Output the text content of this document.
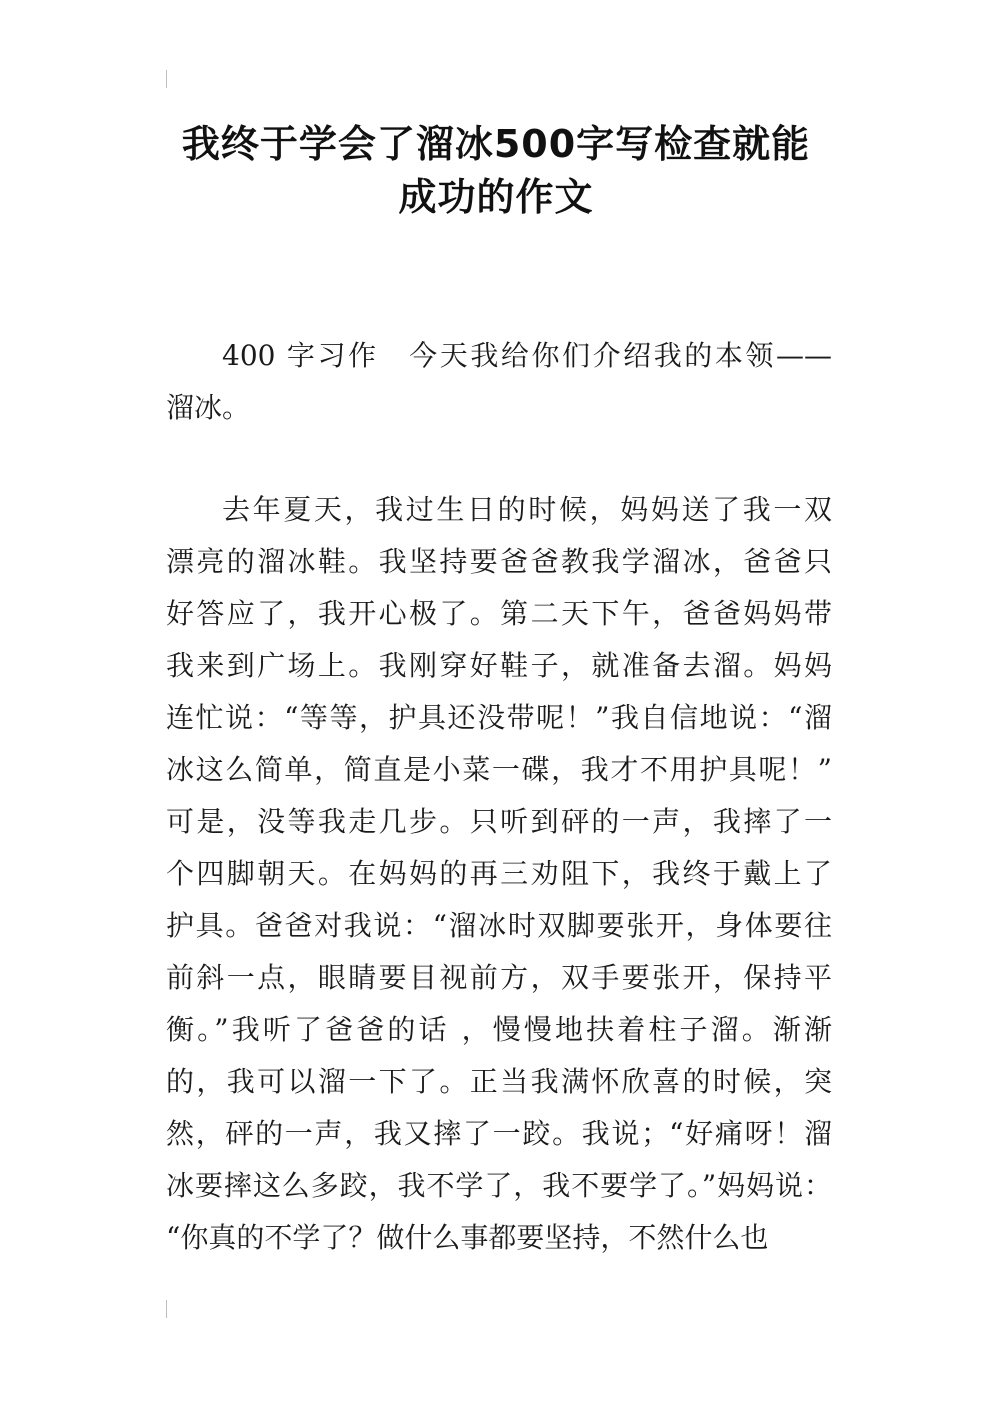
我终于学会了溜冰500字写检查就能
成功的作文
400 字习作　今天我给你们介绍我的本领——
溜冰。
去年夏天，我过生日的时候，妈妈送了我一双
漂亮的溜冰鞋。我坚持要爸爸教我学溜冰，爸爸只
好答应了，我开心极了。第二天下午，爸爸妈妈带
我来到广场上。我刚穿好鞋子，就准备去溜。妈妈
连忙说：“等等，护具还没带呢！”我自信地说：“溜
冰这么简单，简直是小菜一碟，我才不用护具呢！”
可是，没等我走几步。只听到砰的一声，我摔了一
个四脚朝天。在妈妈的再三劝阻下，我终于戴上了
护具。爸爸对我说：“溜冰时双脚要张开，身体要往
前斜一点，眼睛要目视前方，双手要张开，保持平
衡。”我听了爸爸的话 ，慢慢地扶着柱子溜。渐渐
的，我可以溜一下了。正当我满怀欣喜的时候，突
然，砰的一声，我又摔了一跤。我说；“好痛呀！溜
冰要摔这么多跤，我不学了，我不要学了。”妈妈说：
“你真的不学了？做什么事都要坚持，不然什么也
